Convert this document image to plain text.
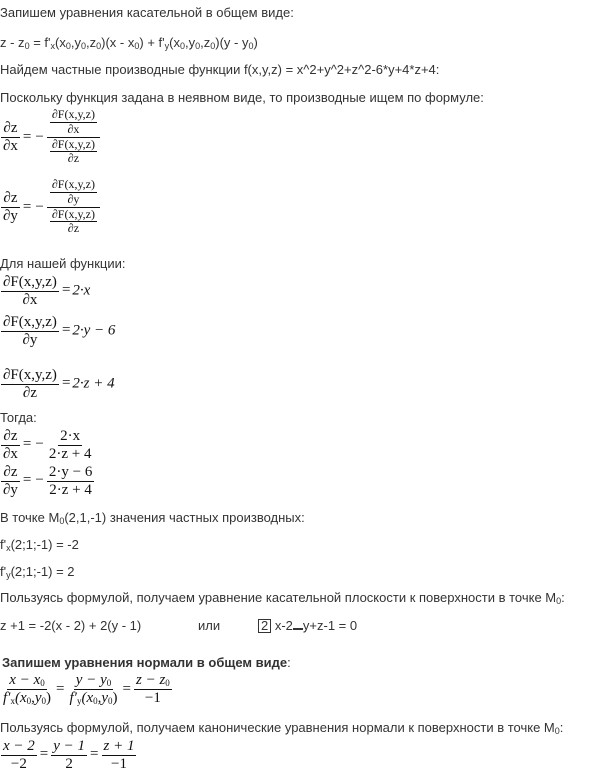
Запишем уравнения касательной в общем виде:
$z - z_0 = f'_x(x_0,y_0,z_0)(x - x_0) + f'_y(x_0,y_0,z_0)(y - y_0)$
Найдем частные производные функции f(x,y,z) = x^2+y^2+z^2-6*y+4*z+4:
Поскольку функция задана в неявном виде, то производные ищем по формуле:
$\frac{\partial z}{\partial x}$ = − $\frac{\frac{\partial F(x,y,z)}{\partial x}}{\frac{\partial F(x,y,z)}{\partial z}}$
$\frac{\partial z}{\partial y}$ = − $\frac{\frac{\partial F(x,y,z)}{\partial y}}{\frac{\partial F(x,y,z)}{\partial z}}$
Для нашей функции:
$\frac{\partial F(x,y,z)}{\partial x} = 2\cdot x$
$\frac{\partial F(x,y,z)}{\partial y} = 2\cdot y - 6$
$\frac{\partial F(x,y,z)}{\partial z} = 2\cdot z + 4$
Тогда:
$\frac{\partial z}{\partial x}$ = − $\frac{2\cdot x}{2\cdot z + 4}$
$\frac{\partial z}{\partial y}$ = − $\frac{2\cdot y - 6}{2\cdot z + 4}$
В точке $M_0(2,1,-1)$ значения частных производных:
$f'_x(2;1;-1) = -2$
$f'_y(2;1;-1) = 2$
Пользуясь формулой, получаем уравнение касательной плоскости к поверхности в точке $M_0$:
z +1 = -2(x - 2) + 2(y - 1)	или	2 x-2 y+z-1 = 0
Запишем уравнения нормали в общем виде:
$\frac{x - x_0}{f'_x(x_0,y_0)} = \frac{y - y_0}{f'_y(x_0,y_0)} = \frac{z - z_0}{-1}$
Пользуясь формулой, получаем канонические уравнения нормали к поверхности в точке $M_0$:
$\frac{x - 2}{-2} = \frac{y - 1}{2} = \frac{z + 1}{-1}$
